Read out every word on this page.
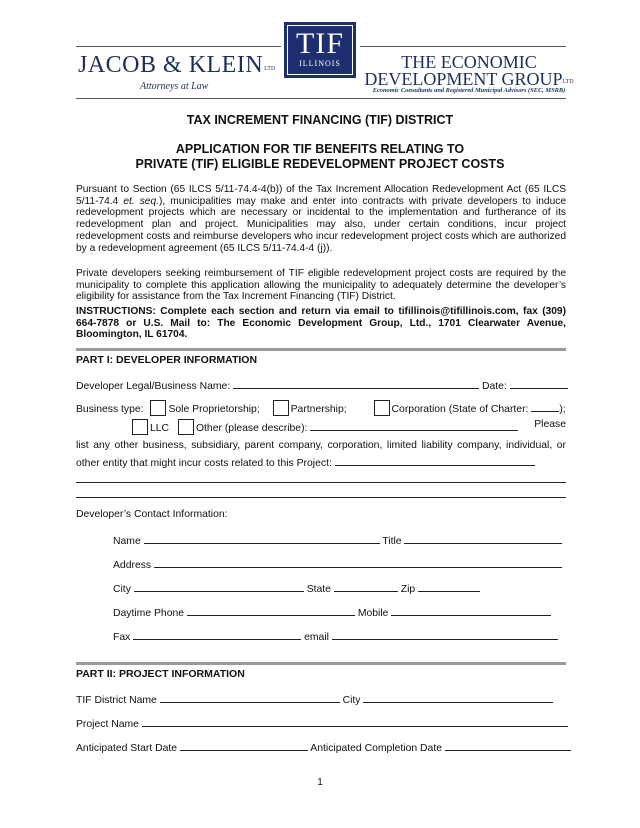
JACOB & KLEINLTD
Attorneys at Law
TIF
ILLINOIS	THE ECONOMIC
DEVELOPMENT GROUPLTD
Economic Consultants and Registered Municipal Advisors (SEC, MSRB)
TAX INCREMENT FINANCING (TIF) DISTRICT
APPLICATION FOR TIF BENEFITS RELATING TO
PRIVATE (TIF) ELIGIBLE REDEVELOPMENT PROJECT COSTS
Pursuant to Section (65 ILCS 5/11-74.4-4(b)) of the Tax Increment Allocation Redevelopment Act (65 ILCS 5/11-74.4 et. seq.), municipalities may make and enter into contracts with private developers to induce redevelopment projects which are necessary or incidental to the implementation and furtherance of its redevelopment plan and project. Municipalities may also, under certain conditions, incur project redevelopment costs and reimburse developers who incur redevelopment project costs which are authorized by a redevelopment agreement (65 ILCS 5/11-74.4-4 (j)).
Private developers seeking reimbursement of TIF eligible redevelopment project costs are required by the municipality to complete this application allowing the municipality to adequately determine the developer’s eligibility for assistance from the Tax Increment Financing (TIF) District.
INSTRUCTIONS: Complete each section and return via email to tifillinois@tifillinois.com, fax (309) 664-7878 or U.S. Mail to: The Economic Development Group, Ltd., 1701 Clearwater Avenue, Bloomington, IL 61704.
PART I: DEVELOPER INFORMATION
Developer Legal/Business Name:	Date:
Business type: Sole Proprietorship;	Partnership;	Corporation (State of Charter:	);
LLC	Other (please describe):	Please
list any other business, subsidiary, parent company, corporation, limited liability company, individual, or other entity that might incur costs related to this Project:
Developer’s Contact Information:
Name	Title
Address
City	State	Zip
Daytime Phone	Mobile
Fax	email
PART II: PROJECT INFORMATION
TIF District Name	City
Project Name
Anticipated Start Date	Anticipated Completion Date
1
